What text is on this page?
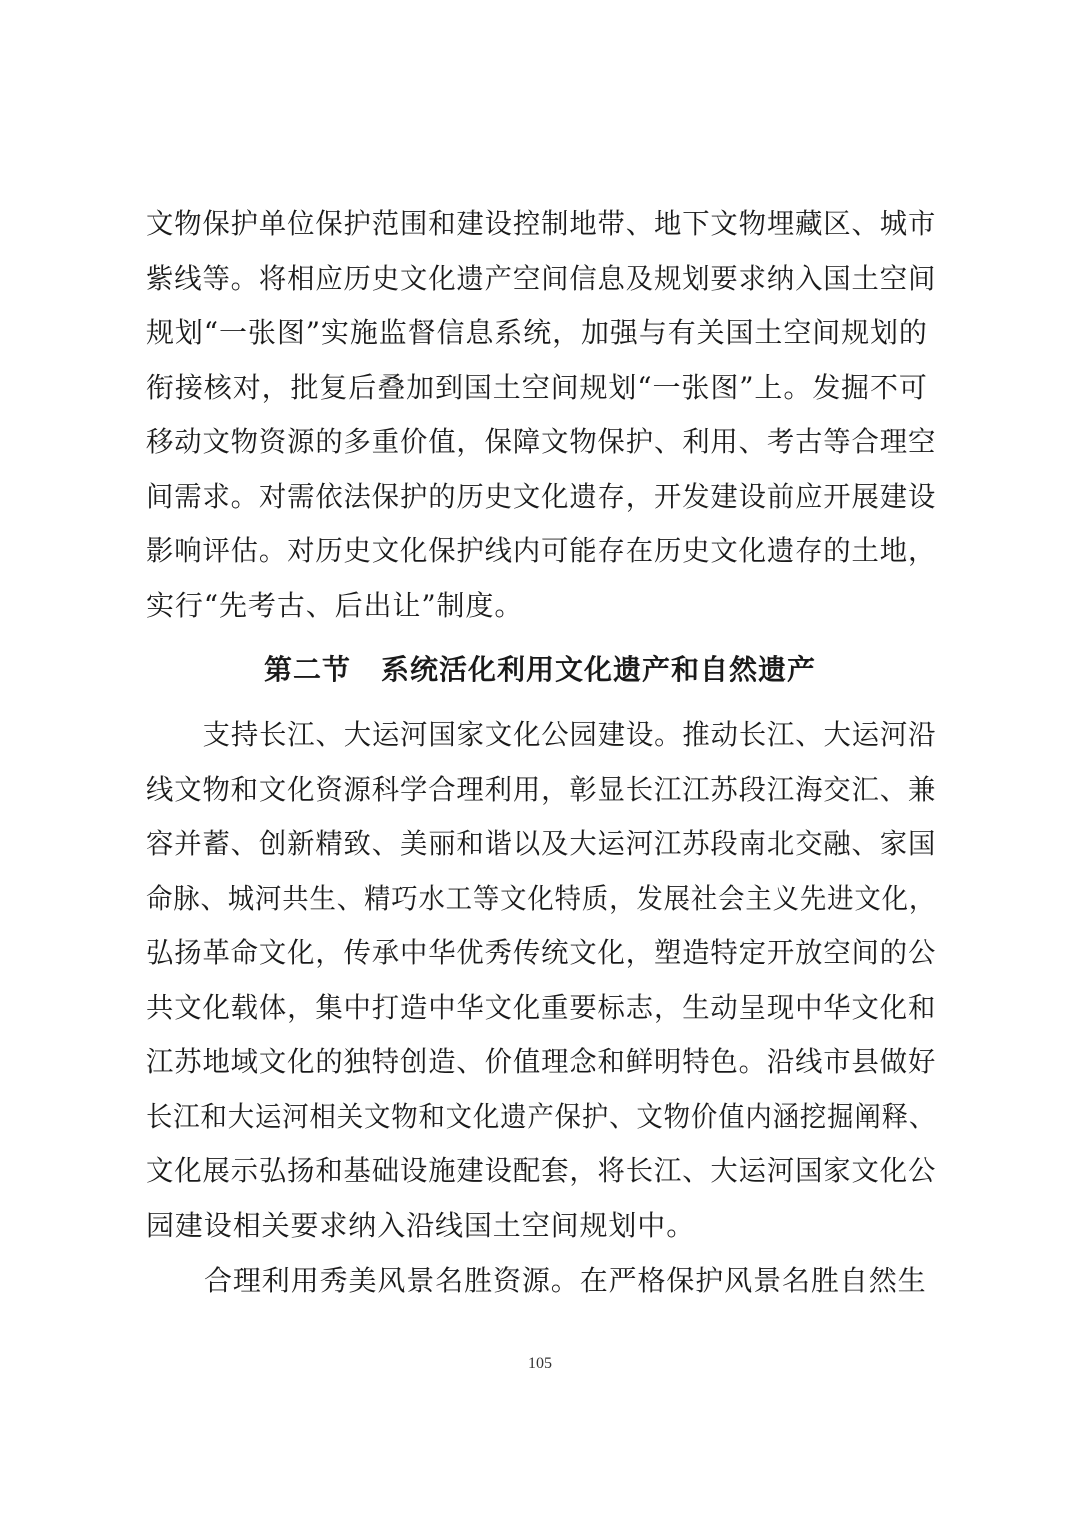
文物保护单位保护范围和建设控制地带、地下文物埋藏区、城市
紫线等。将相应历史文化遗产空间信息及规划要求纳入国土空间
规划“一张图”实施监督信息系统，加强与有关国土空间规划的
衔接核对，批复后叠加到国土空间规划“一张图”上。发掘不可
移动文物资源的多重价值，保障文物保护、利用、考古等合理空
间需求。对需依法保护的历史文化遗存，开发建设前应开展建设
影响评估。对历史文化保护线内可能存在历史文化遗存的土地，
实行“先考古、后出让”制度。
第二节 系统活化利用文化遗产和自然遗产
支持长江、大运河国家文化公园建设。推动长江、大运河沿
线文物和文化资源科学合理利用，彰显长江江苏段江海交汇、兼
容并蓄、创新精致、美丽和谐以及大运河江苏段南北交融、家国
命脉、城河共生、精巧水工等文化特质，发展社会主义先进文化，
弘扬革命文化，传承中华优秀传统文化，塑造特定开放空间的公
共文化载体，集中打造中华文化重要标志，生动呈现中华文化和
江苏地域文化的独特创造、价值理念和鲜明特色。沿线市县做好
长江和大运河相关文物和文化遗产保护、文物价值内涵挖掘阐释、
文化展示弘扬和基础设施建设配套，将长江、大运河国家文化公
园建设相关要求纳入沿线国土空间规划中。
合理利用秀美风景名胜资源。在严格保护风景名胜自然生
105
